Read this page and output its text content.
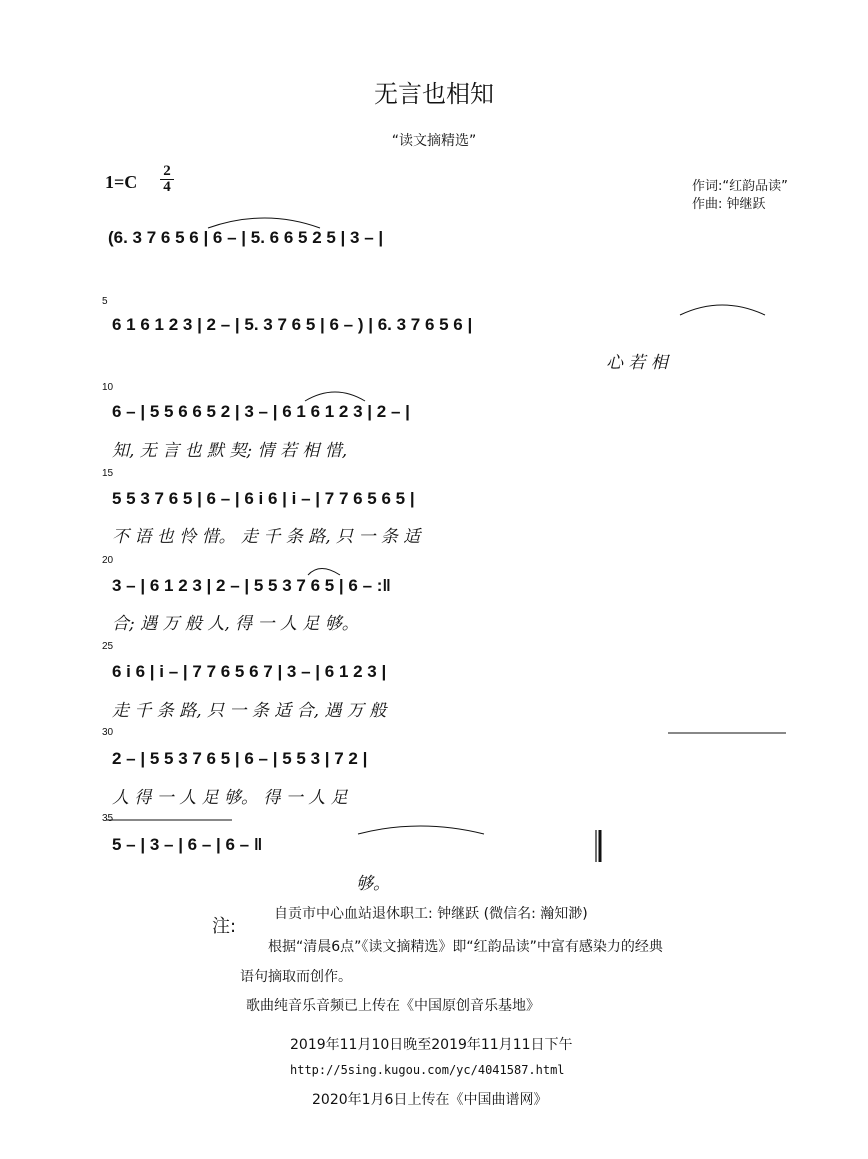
无言也相知
“读文摘精选”
1=C
2
4	作词:“红韵品读”
作曲: 钟继跃
(6. 3 7 6 5 6 | 6 – | 5. 6 6 5 2 5 | 3 – |
5
6 1 6 1 2 3 | 2 – | 5. 3 7 6 5 | 6 – ) | 6. 3 7 6 5 6 |
心 若 相
10
6 – | 5 5 6 6 5 2 | 3 – | 6 1 6 1 2 3 | 2 – |
知, 无 言 也 默 契; 情 若 相 惜,
15
5 5 3 7 6 5 | 6 – | 6 i 6 | i – | 7 7 6 5 6 5 |
不 语 也 怜 惜。 走 千 条 路, 只 一 条 适
20
3 – | 6 1 2 3 | 2 – | 5 5 3 7 6 5 | 6 – :‖
合; 遇 万 般 人, 得 一 人 足 够。
25
6 i 6 | i – | 7 7 6 5 6 7 | 3 – | 6 1 2 3 |
走 千 条 路, 只 一 条 适 合, 遇 万 般
30
2 – | 5 5 3 7 6 5 | 6 – | 5 5 3 | 7 2 |
人 得 一 人 足 够。 得 一 人 足
35
5 – | 3 – | 6 – | 6 – ‖
够。
注:
自贡市中心血站退休职工: 钟继跃 (微信名: 瀚知渺)
根据“清晨6点”《读文摘精选》即“红韵品读”中富有感染力的经典
语句摘取而创作。
歌曲纯音乐音频已上传在《中国原创音乐基地》
2019年11月10日晚至2019年11月11日下午
http://5sing.kugou.com/yc/4041587.html
2020年1月6日上传在《中国曲谱网》
